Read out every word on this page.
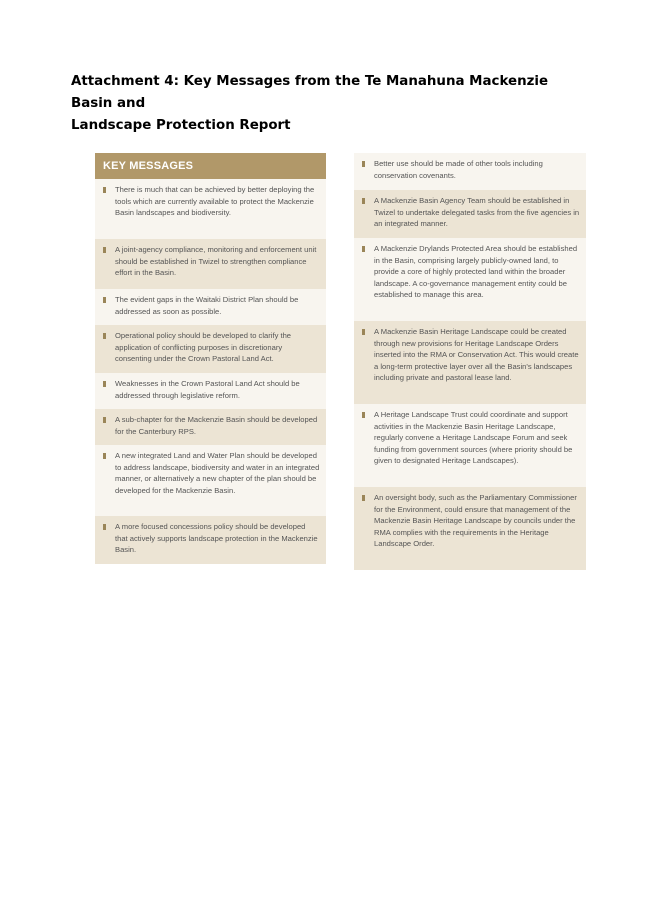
Attachment 4: Key Messages from the Te Manahuna Mackenzie Basin and
Landscape Protection Report
KEY MESSAGES
There is much that can be achieved by better deploying the tools which are currently available to protect the Mackenzie Basin landscapes and biodiversity.
A joint-agency compliance, monitoring and enforcement unit should be established in Twizel to strengthen compliance effort in the Basin.
The evident gaps in the Waitaki District Plan should be addressed as soon as possible.
Operational policy should be developed to clarify the application of conflicting purposes in discretionary consenting under the Crown Pastoral Land Act.
Weaknesses in the Crown Pastoral Land Act should be addressed through legislative reform.
A sub-chapter for the Mackenzie Basin should be developed for the Canterbury RPS.
A new integrated Land and Water Plan should be developed to address landscape, biodiversity and water in an integrated manner, or alternatively a new chapter of the plan should be developed for the Mackenzie Basin.
A more focused concessions policy should be developed that actively supports landscape protection in the Mackenzie Basin.
Better use should be made of other tools including conservation covenants.
A Mackenzie Basin Agency Team should be established in Twizel to undertake delegated tasks from the five agencies in an integrated manner.
A Mackenzie Drylands Protected Area should be established in the Basin, comprising largely publicly-owned land, to provide a core of highly protected land within the broader landscape. A co-governance management entity could be established to manage this area.
A Mackenzie Basin Heritage Landscape could be created through new provisions for Heritage Landscape Orders inserted into the RMA or Conservation Act. This would create a long-term protective layer over all the Basin's landscapes including private and pastoral lease land.
A Heritage Landscape Trust could coordinate and support activities in the Mackenzie Basin Heritage Landscape, regularly convene a Heritage Landscape Forum and seek funding from government sources (where priority should be given to designated Heritage Landscapes).
An oversight body, such as the Parliamentary Commissioner for the Environment, could ensure that management of the Mackenzie Basin Heritage Landscape by councils under the RMA complies with the requirements in the Heritage Landscape Order.
